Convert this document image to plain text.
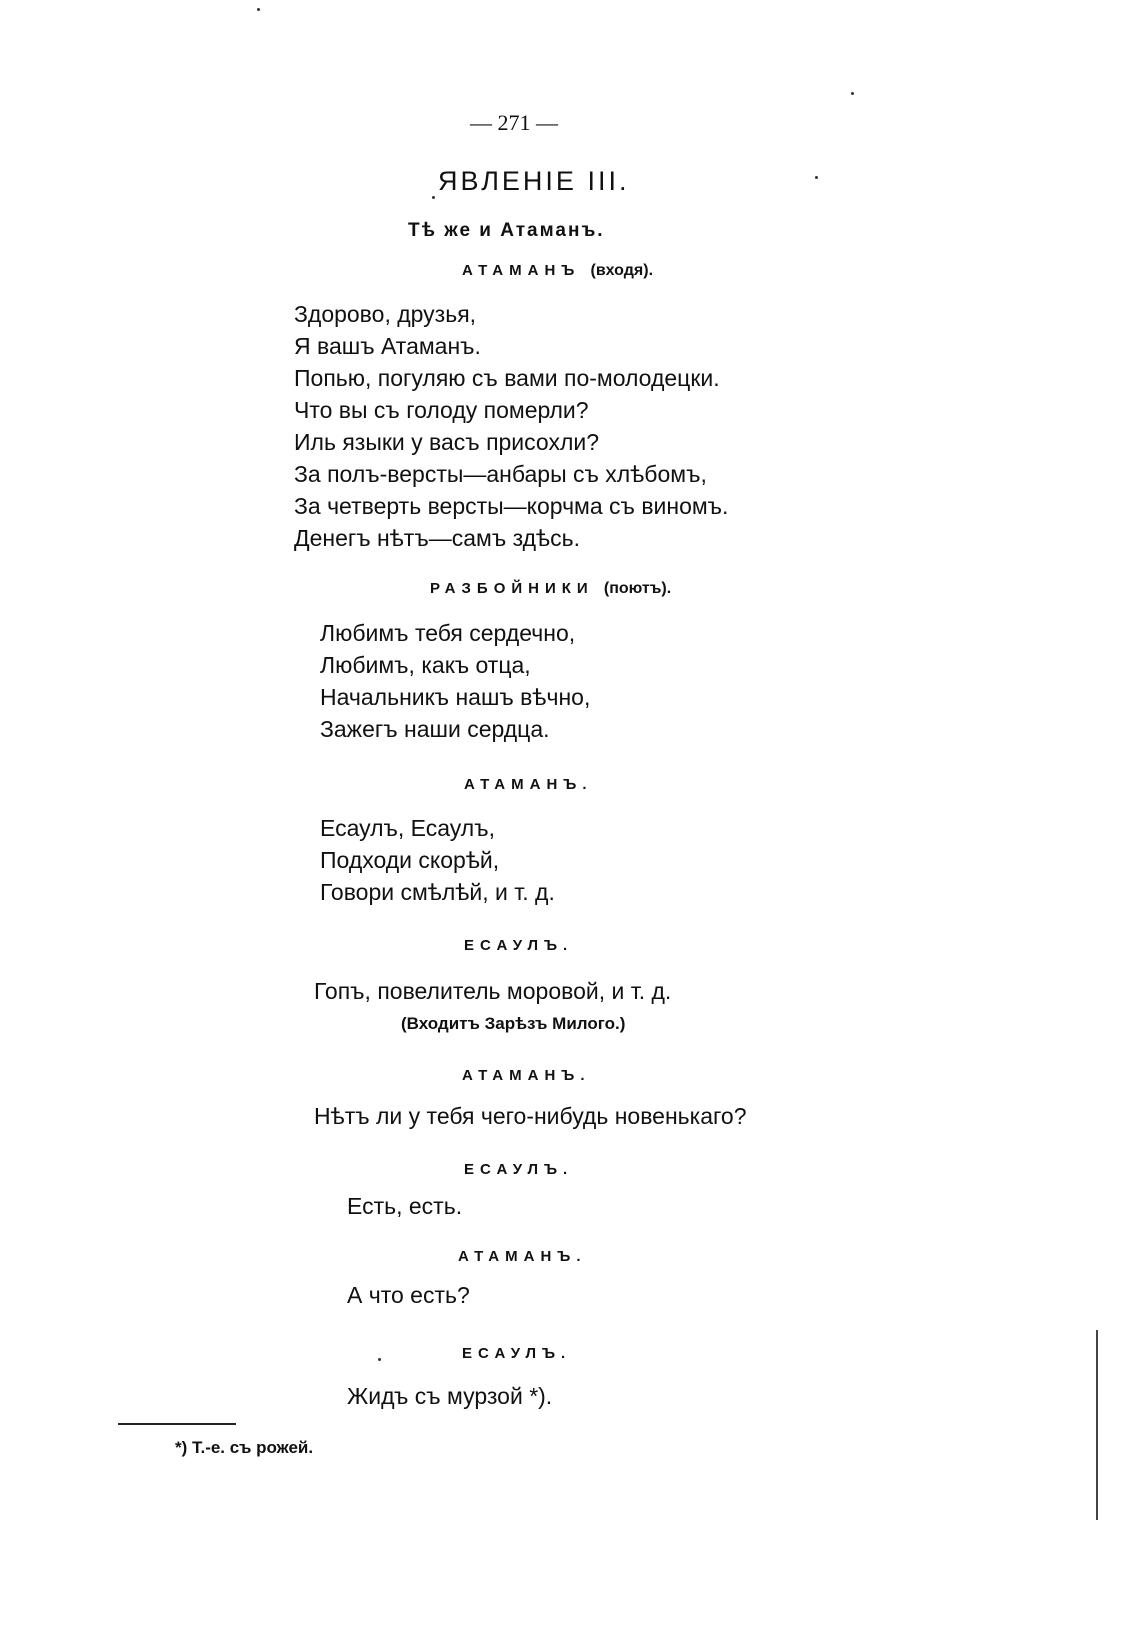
— 271 —
ЯВЛЕНІЕ III.
Тѣ же и Атаманъ.
АТАМАНЪ (входя).
Здорово, друзья,
Я вашъ Атаманъ.
Попью, погуляю съ вами по-молодецки.
Что вы съ голоду померли?
Иль языки у васъ присохли?
За полъ-версты—анбары съ хлѣбомъ,
За четверть версты—корчма съ виномъ.
Денегъ нѣтъ—самъ здѣсь.
РАЗБОЙНИКИ (поютъ).
Любимъ тебя сердечно,
Любимъ, какъ отца,
Начальникъ нашъ вѣчно,
Зажегъ наши сердца.
АТАМАНЪ.
Есаулъ, Есаулъ,
Подходи скорѣй,
Говори смѣлѣй, и т. д.
ЕСАУЛЪ.
Гопъ, повелитель моровой, и т. д.
(Входитъ Зарѣзъ Милого.)
АТАМАНЪ.
Нѣтъ ли у тебя чего-нибудь новенькаго?
ЕСАУЛЪ.
Есть, есть.
АТАМАНЪ.
А что есть?
ЕСАУЛЪ.
Жидъ съ мурзой *).
*) Т.-е. съ рожей.
